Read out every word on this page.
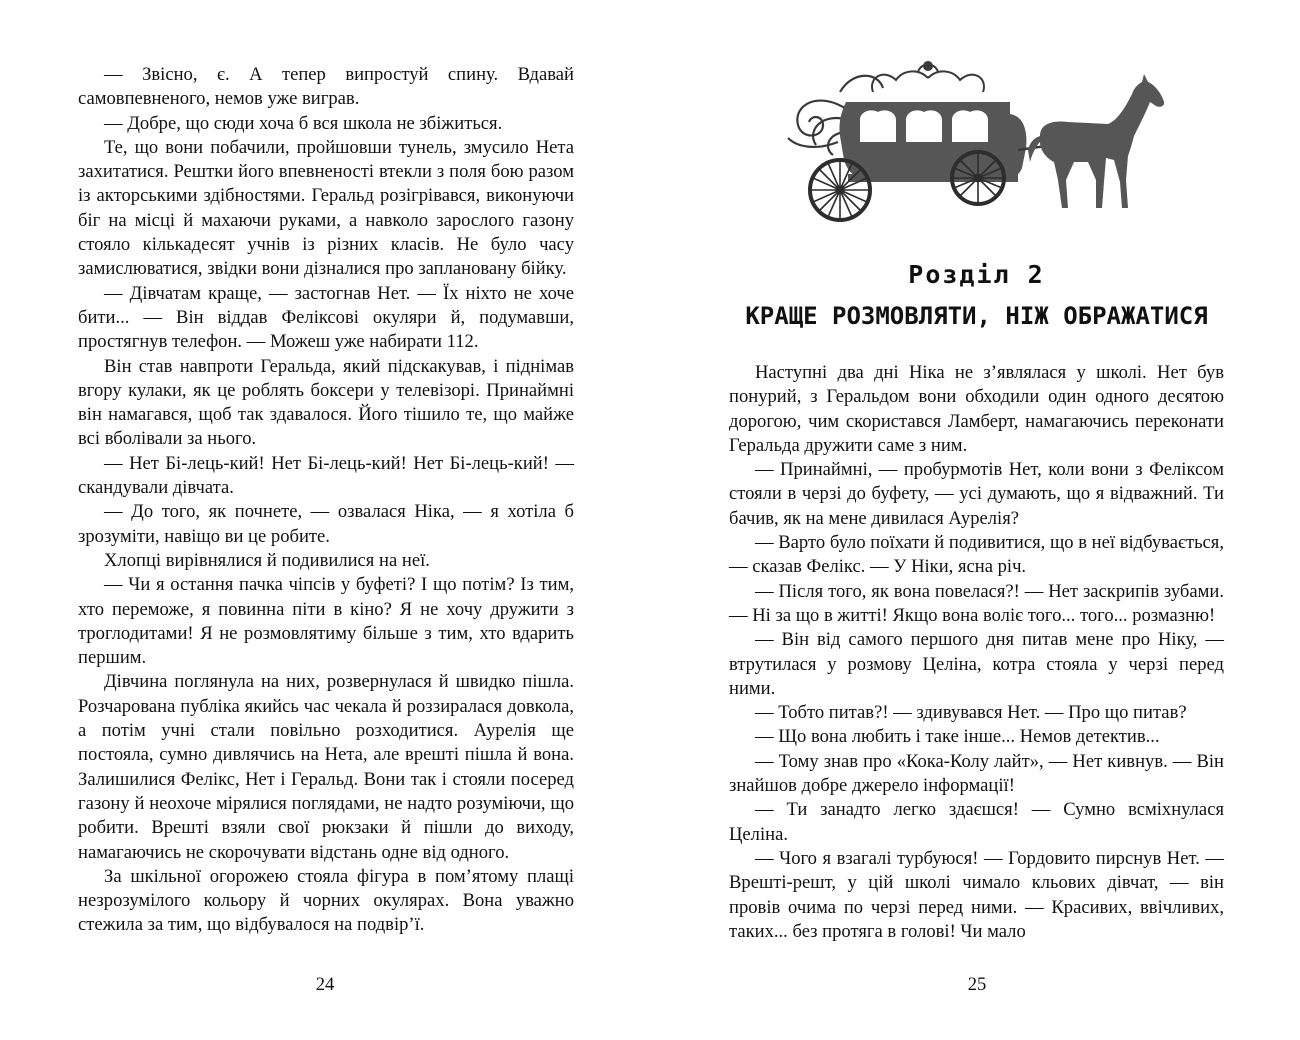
— Звісно, є. А тепер випростуй спину. Вдавай самовпевненого, немов уже виграв.

— Добре, що сюди хоча б вся школа не збіжиться.

Те, що вони побачили, пройшовши тунель, змусило Нета захитатися. Рештки його впевненості втекли з поля бою разом із акторськими здібностями. Геральд розігрівався, виконуючи біг на місці й махаючи руками, а навколо зарослого газону стояло кількадесят учнів із різних класів. Не було часу замислюватися, звідки вони дізналися про заплановану бійку.

— Дівчатам краще, — застогнав Нет. — Їх ніхто не хоче бити... — Він віддав Феліксові окуляри й, подумавши, простягнув телефон. — Можеш уже набирати 112.

Він став навпроти Геральда, який підскакував, і піднімав вгору кулаки, як це роблять боксери у телевізорі. Принаймні він намагався, щоб так здавалося. Його тішило те, що майже всі вболівали за нього.

— Нет Бі-лець-кий! Нет Бі-лець-кий! Нет Бі-лець-кий! — скандували дівчата.

— До того, як почнете, — озвалася Ніка, — я хотіла б зрозуміти, навіщо ви це робите.

Хлопці вирівнялися й подивилися на неї.

— Чи я остання пачка чіпсів у буфеті? І що потім? Із тим, хто переможе, я повинна піти в кіно? Я не хочу дружити з троглодитами! Я не розмовлятиму більше з тим, хто вдарить першим.

Дівчина поглянула на них, розвернулася й швидко пішла. Розчарована публіка якийсь час чекала й роззиралася довкола, а потім учні стали повільно розходитися. Аурелія ще постояла, сумно дивлячись на Нета, але врешті пішла й вона. Залишилися Фелікс, Нет і Геральд. Вони так і стояли посеред газону й неохоче мірялися поглядами, не надто розуміючи, що робити. Врешті взяли свої рюкзаки й пішли до виходу, намагаючись не скорочувати відстань одне від одного.

За шкільної огорожею стояла фігура в пом’ятому плащі незрозумілого кольору й чорних окулярах. Вона уважно стежила за тим, що відбувалося на подвір’ї.

24
Розділ 2
КРАЩЕ РОЗМОВЛЯТИ, НІЖ ОБРАЖАТИСЯ

Наступні два дні Ніка не з’являлася у школі. Нет був понурий, з Геральдом вони обходили один одного десятою дорогою, чим скористався Ламберт, намагаючись переконати Геральда дружити саме з ним.

— Принаймні, — пробурмотів Нет, коли вони з Феліксом стояли в черзі до буфету, — усі думають, що я відважний. Ти бачив, як на мене дивилася Аурелія?

— Варто було поїхати й подивитися, що в неї відбувається, — сказав Фелікс. — У Ніки, ясна річ.

— Після того, як вона повелася?! — Нет заскрипів зубами. — Ні за що в житті! Якщо вона воліє того... того... розмазню!

— Він від самого першого дня питав мене про Ніку, — втрутилася у розмову Целіна, котра стояла у черзі перед ними.

— Тобто питав?! — здивувався Нет. — Про що питав?

— Що вона любить і таке інше... Немов детектив...

— Тому знав про «Кока-Колу лайт», — Нет кивнув. — Він знайшов добре джерело інформації!

— Ти занадто легко здаєшся! — Сумно всміхнулася Целіна.

— Чого я взагалі турбуюся! — Гордовито пирснув Нет. — Врешті-решт, у цій школі чимало кльових дівчат, — він провів очима по черзі перед ними. — Красивих, ввічливих, таких... без протяга в голові! Чи мало

25
